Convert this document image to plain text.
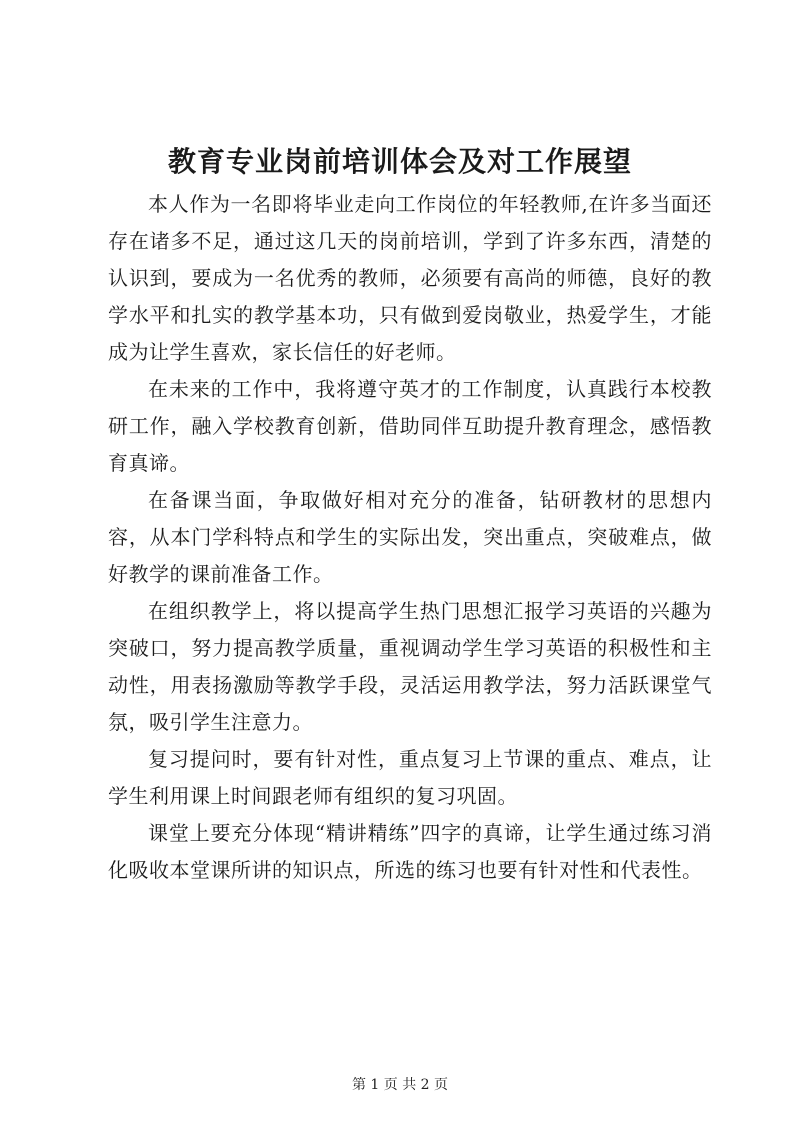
教育专业岗前培训体会及对工作展望

本人作为一名即将毕业走向工作岗位的年轻教师,在许多当面还存在诸多不足，通过这几天的岗前培训，学到了许多东西，清楚的认识到，要成为一名优秀的教师，必须要有高尚的师德，良好的教学水平和扎实的教学基本功，只有做到爱岗敬业，热爱学生，才能成为让学生喜欢，家长信任的好老师。

在未来的工作中，我将遵守英才的工作制度，认真践行本校教研工作，融入学校教育创新，借助同伴互助提升教育理念，感悟教育真谛。

在备课当面，争取做好相对充分的准备，钻研教材的思想内容，从本门学科特点和学生的实际出发，突出重点，突破难点，做好教学的课前准备工作。

在组织教学上，将以提高学生热门思想汇报学习英语的兴趣为突破口，努力提高教学质量，重视调动学生学习英语的积极性和主动性，用表扬激励等教学手段，灵活运用教学法，努力活跃课堂气氛，吸引学生注意力。

复习提问时，要有针对性，重点复习上节课的重点、难点，让学生利用课上时间跟老师有组织的复习巩固。

课堂上要充分体现“精讲精练”四字的真谛，让学生通过练习消化吸收本堂课所讲的知识点，所选的练习也要有针对性和代表性。

第 1 页 共 2 页
